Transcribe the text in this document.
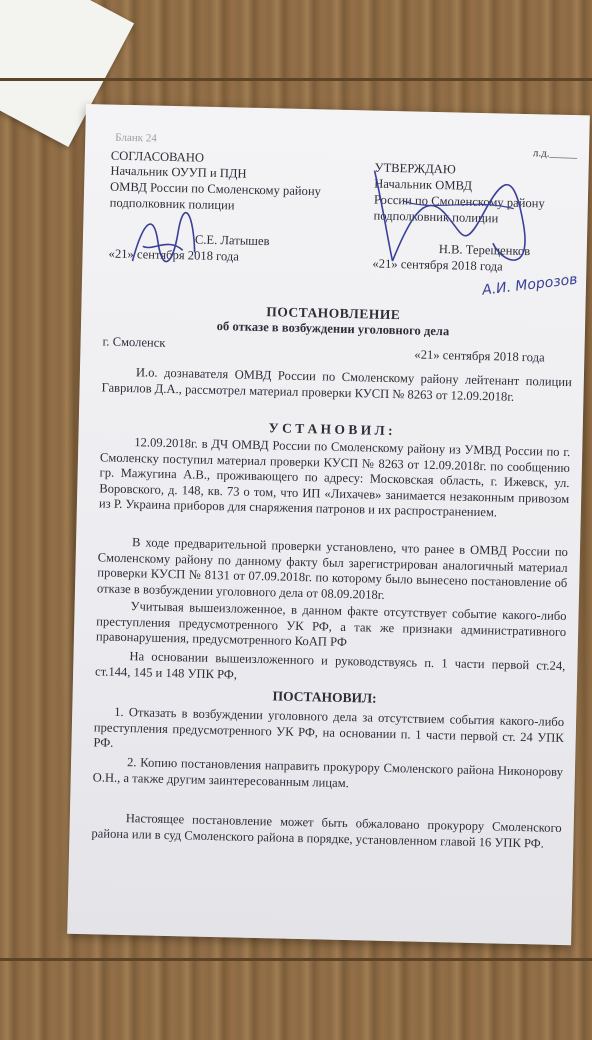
Бланк 24
л.д._____
СОГЛАСОВАНО
Начальник ОУУП и ПДН
ОМВД России по Смоленскому району
подполковник полиции
С.Е. Латышев
«21» сентября 2018 года
УТВЕРЖДАЮ
Начальник ОМВД
России по Смоленскому району
подполковник полиции
Н.В. Терещенков
«21» сентября 2018 года
А.И. Морозов
ПОСТАНОВЛЕНИЕ
об отказе в возбуждении уголовного дела
г. Смоленск
«21» сентября 2018 года
И.о. дознавателя ОМВД России по Смоленскому району лейтенант полиции Гаврилов Д.А., рассмотрел материал проверки КУСП № 8263 от 12.09.2018г.
У С Т А Н О В И Л :
12.09.2018г. в ДЧ ОМВД России по Смоленскому району из УМВД России по г. Смоленску поступил материал проверки КУСП № 8263 от 12.09.2018г. по сообщению гр. Мажугина А.В., проживающего по адресу: Московская область, г. Ижевск, ул. Воровского, д. 148, кв. 73 о том, что ИП «Лихачев» занимается незаконным привозом из Р. Украина приборов для снаряжения патронов и их распространением.
В ходе предварительной проверки установлено, что ранее в ОМВД России по Смоленскому району по данному факту был зарегистрирован аналогичный материал проверки КУСП № 8131 от 07.09.2018г. по которому было вынесено постановление об отказе в возбуждении уголовного дела от 08.09.2018г.
Учитывая вышеизложенное, в данном факте отсутствует событие какого-либо преступления предусмотренного УК РФ, а так же признаки административного правонарушения, предусмотренного КоАП РФ
На основании вышеизложенного и руководствуясь п. 1 части первой ст.24, ст.144, 145 и 148 УПК РФ,
ПОСТАНОВИЛ:
1. Отказать в возбуждении уголовного дела за отсутствием события какого-либо преступления предусмотренного УК РФ, на основании п. 1 части первой ст. 24 УПК РФ.
2. Копию постановления направить прокурору Смоленского района Никонорову О.Н., а также другим заинтересованным лицам.
Настоящее постановление может быть обжаловано прокурору Смоленского района или в суд Смоленского района в порядке, установленном главой 16 УПК РФ.
